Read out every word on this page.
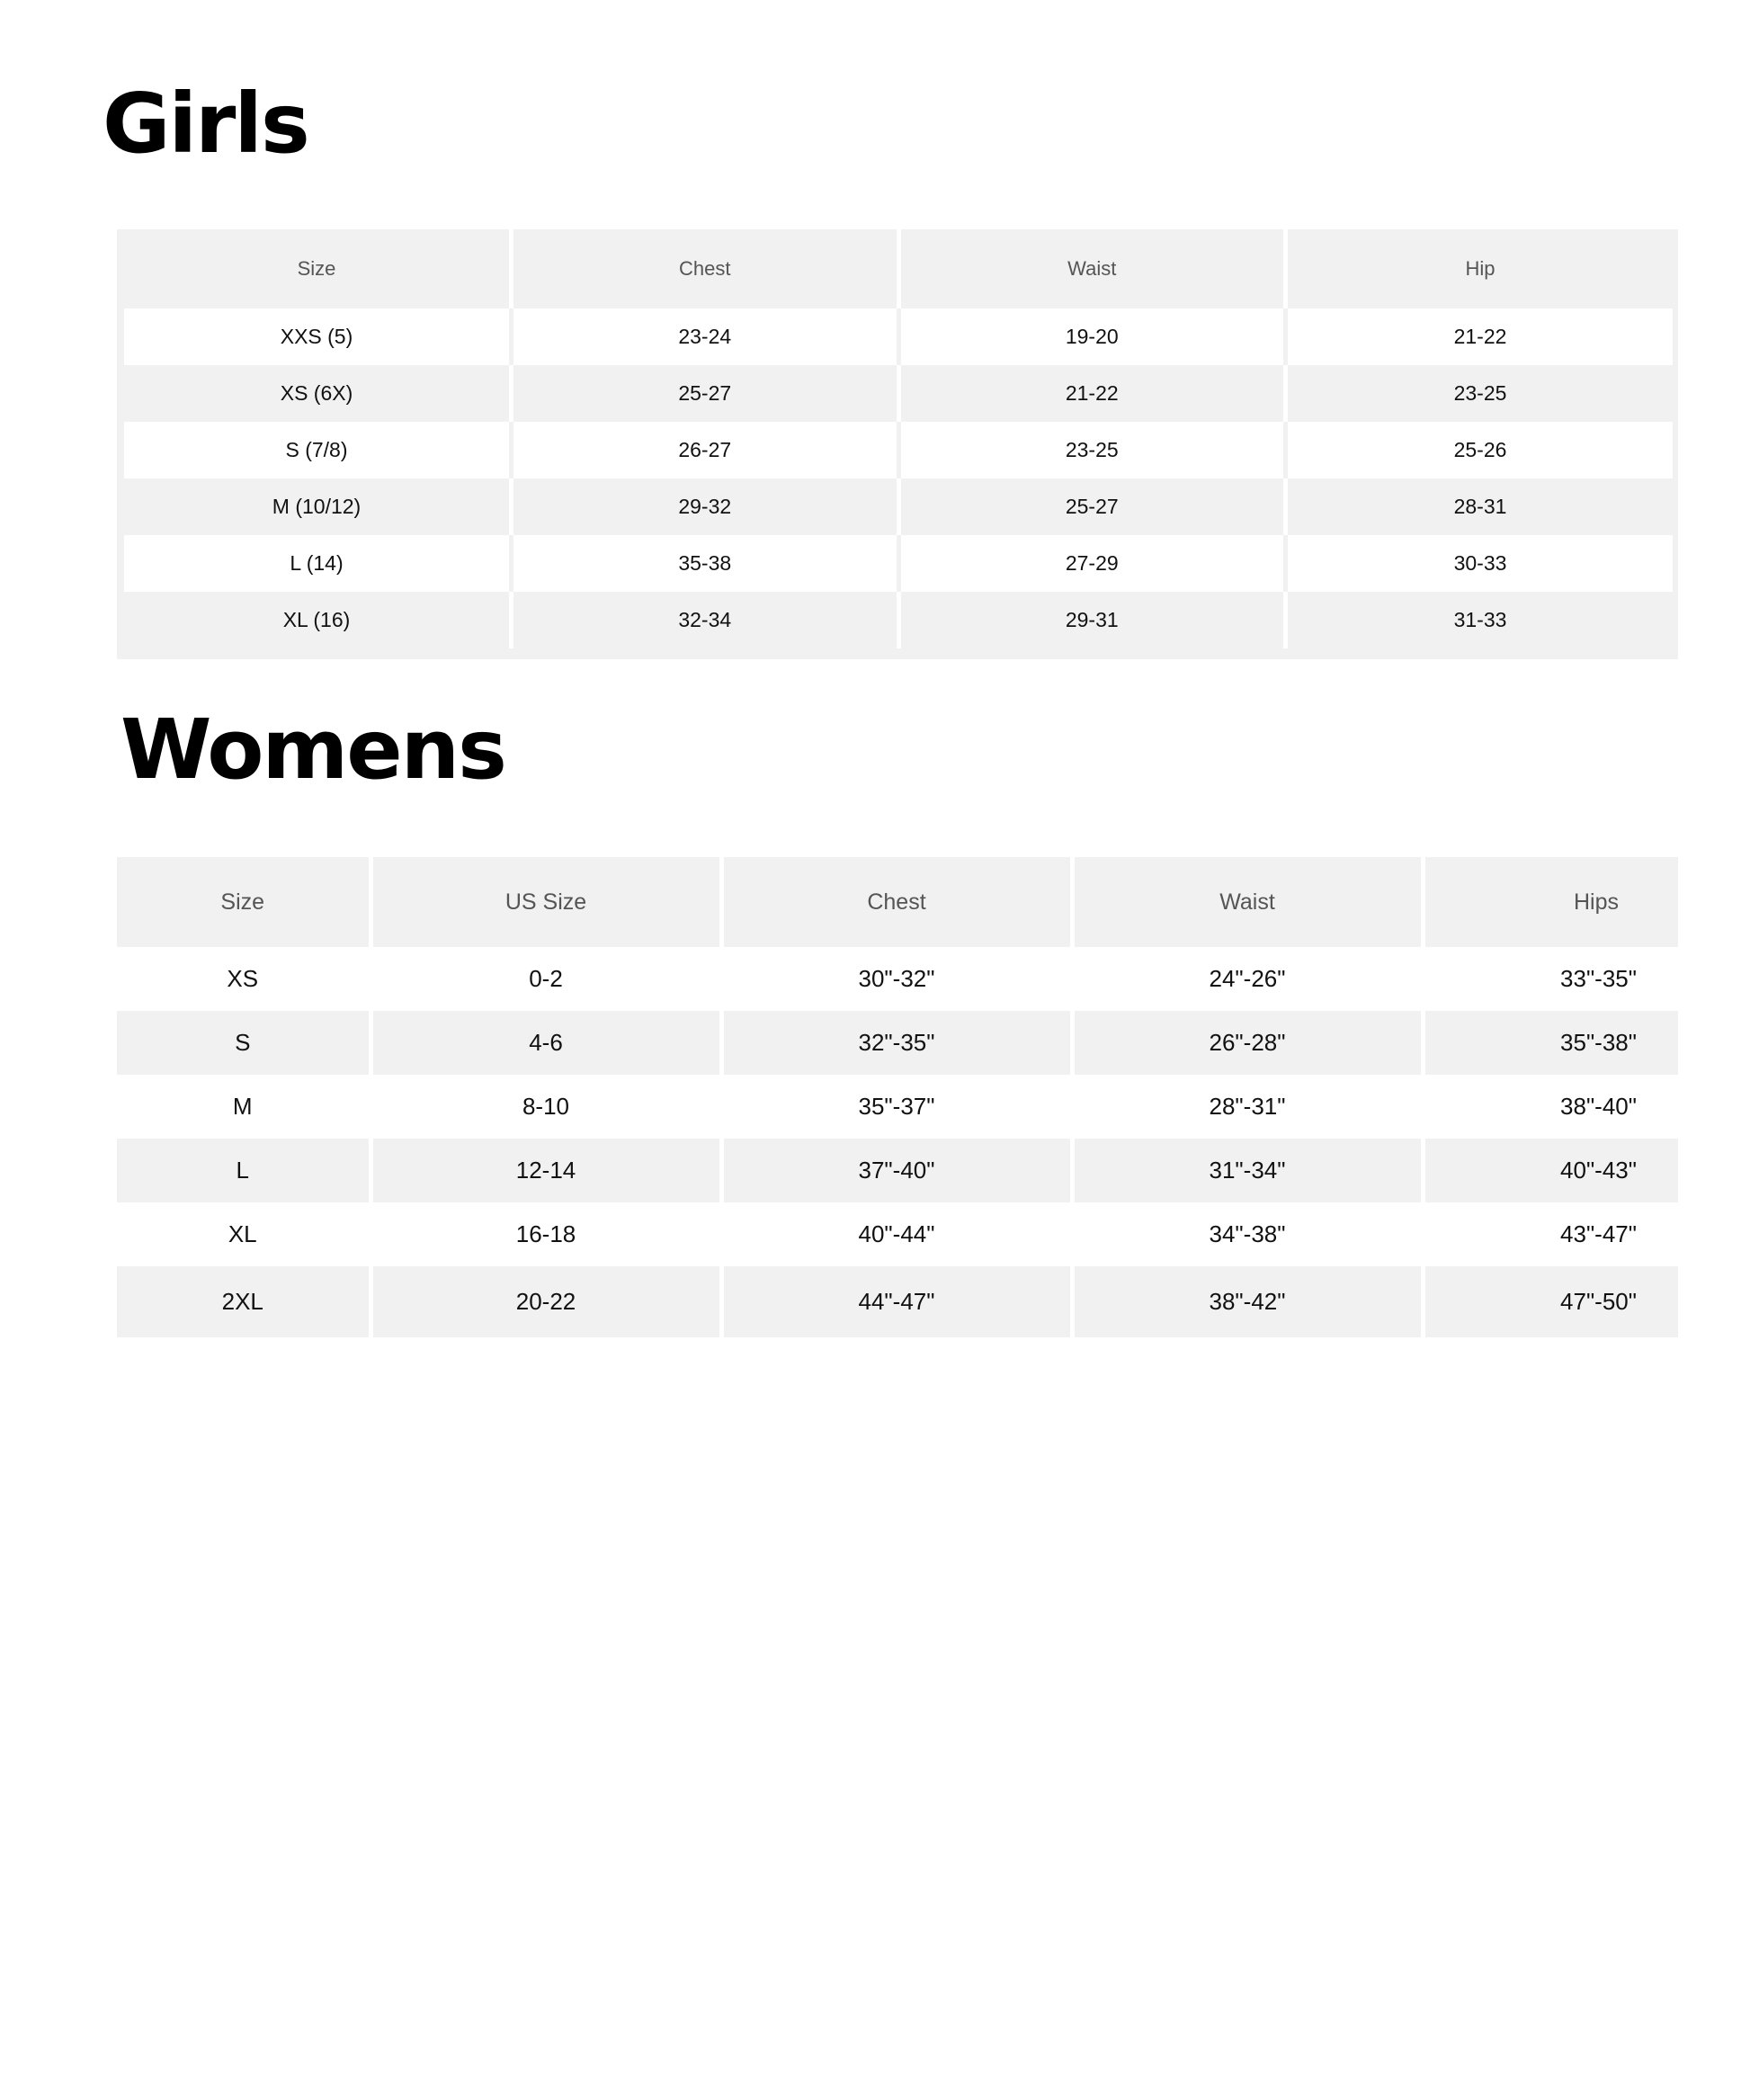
Girls
Size	Chest	Waist	Hip
XXS (5)	23-24	19-20	21-22
XS (6X)	25-27	21-22	23-25
S (7/8)	26-27	23-25	25-26
M (10/12)	29-32	25-27	28-31
L (14)	35-38	27-29	30-33
XL (16)	32-34	29-31	31-33
Womens
Size	US Size	Chest	Waist	Hips
XS	0-2	30"-32"	24"-26"	33"-35"
S	4-6	32"-35"	26"-28"	35"-38"
M	8-10	35"-37"	28"-31"	38"-40"
L	12-14	37"-40"	31"-34"	40"-43"
XL	16-18	40"-44"	34"-38"	43"-47"
2XL	20-22	44"-47"	38"-42"	47"-50"
